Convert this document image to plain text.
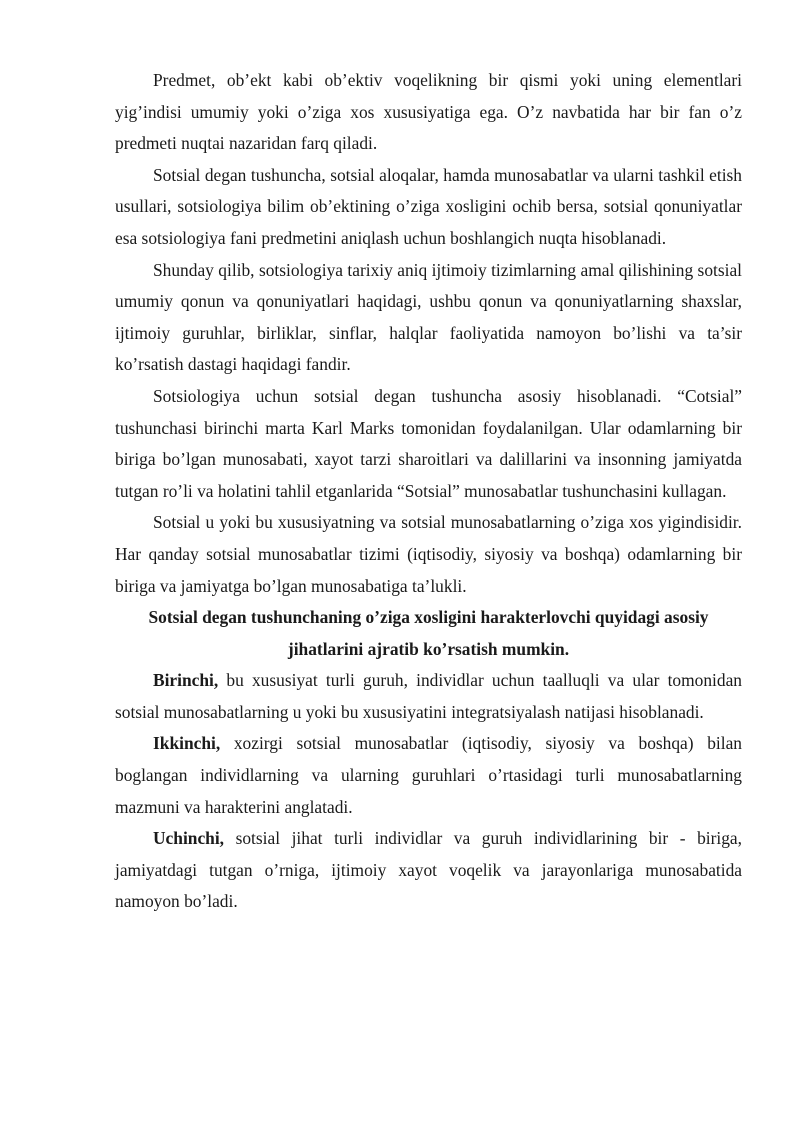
Predmet, ob’ekt kabi ob’ektiv voqelikning bir qismi yoki uning elementlari yig’indisi umumiy yoki o’ziga xos xususiyatiga ega. O’z navbatida har bir fan o’z predmeti nuqtai nazaridan farq qiladi.

Sotsial degan tushuncha, sotsial aloqalar, hamda munosabatlar va ularni tashkil etish usullari, sotsiologiya bilim ob’ektining o’ziga xosligini ochib bersa, sotsial qonuniyatlar esa sotsiologiya fani predmetini aniqlash uchun boshlangich nuqta hisoblanadi.

Shunday qilib, sotsiologiya tarixiy aniq ijtimoiy tizimlarning amal qilishining sotsial umumiy qonun va qonuniyatlari haqidagi, ushbu qonun va qonuniyatlarning shaxslar, ijtimoiy guruhlar, birliklar, sinflar, halqlar faoliyatida namoyon bo’lishi va ta’sir ko’rsatish dastagi haqidagi fandir.

Sotsiologiya uchun sotsial degan tushuncha asosiy hisoblanadi. “Cotsial” tushunchasi birinchi marta Karl Marks tomonidan foydalanilgan. Ular odamlarning bir biriga bo’lgan munosabati, xayot tarzi sharoitlari va dalillarini va insonning jamiyatda tutgan ro’li va holatini tahlil etganlarida “Sotsial” munosabatlar tushunchasini kullagan.

Sotsial u yoki bu xususiyatning va sotsial munosabatlarning o’ziga xos yigindisidir. Har qanday sotsial munosabatlar tizimi (iqtisodiy, siyosiy va boshqa) odamlarning bir biriga va jamiyatga bo’lgan munosabatiga ta’lukli.

Sotsial degan tushunchaning o’ziga xosligini harakterlovchi quyidagi asosiy jihatlarini ajratib ko’rsatish mumkin.

Birinchi, bu xususiyat turli guruh, individlar uchun taalluqli va ular tomonidan sotsial munosabatlarning u yoki bu xususiyatini integratsiyalash natijasi hisoblanadi.

Ikkinchi, xozirgi sotsial munosabatlar (iqtisodiy, siyosiy va boshqa) bilan boglangan individlarning va ularning guruhlari o’rtasidagi turli munosabatlarning mazmuni va harakterini anglatadi.

Uchinchi, sotsial jihat turli individlar va guruh individlarining bir - biriga, jamiyatdagi tutgan o’rniga, ijtimoiy xayot voqelik va jarayonlariga munosabatida namoyon bo’ladi.
